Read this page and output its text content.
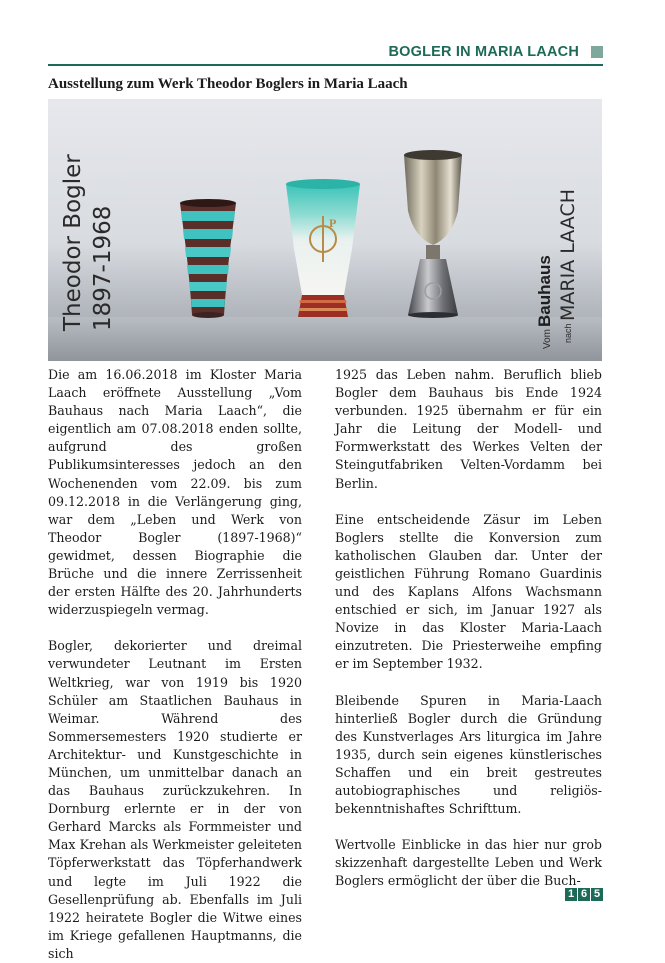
BOGLER IN MARIA LAACH
Ausstellung zum Werk Theodor Boglers in Maria Laach
P
Theodor Bogler 1897-1968
Vom
Bauhaus
nach
MARIA LAACH

Die am 16.06.2018 im Kloster Maria Laach eröffnete Ausstellung „Vom Bauhaus nach Maria Laach“, die eigentlich am 07.08.2018 enden sollte, aufgrund des großen Publikumsinteresses jedoch an den Wochenenden vom 22.09. bis zum 09.12.2018 in die Verlängerung ging, war dem „Leben und Werk von Theodor Bogler (1897-1968)“ gewidmet, dessen Biographie die Brüche und die innere Zerrissenheit der ersten Hälfte des 20. Jahrhunderts widerzuspiegeln vermag.

Bogler, dekorierter und dreimal verwundeter Leutnant im Ersten Weltkrieg, war von 1919 bis 1920 Schüler am Staatlichen Bauhaus in Weimar. Während des Sommersemesters 1920 studierte er Architektur- und Kunstgeschichte in München, um unmittelbar danach an das Bauhaus zurückzukehren. In Dornburg erlernte er in der von Gerhard Marcks als Formmeister und Max Krehan als Werkmeister geleiteten Töpferwerkstatt das Töpferhandwerk und legte im Juli 1922 die Gesellenprüfung ab. Ebenfalls im Juli 1922 heiratete Bogler die Witwe eines im Kriege gefallenen Hauptmanns, die sich

1925 das Leben nahm. Beruflich blieb Bogler dem Bauhaus bis Ende 1924 verbunden. 1925 übernahm er für ein Jahr die Leitung der Modell- und Formwerkstatt des Werkes Velten der Steingutfabriken Velten-Vordamm bei Berlin.

Eine entscheidende Zäsur im Leben Boglers stellte die Konversion zum katholischen Glauben dar. Unter der geistlichen Führung Romano Guardinis und des Kaplans Alfons Wachsmann entschied er sich, im Januar 1927 als Novize in das Kloster Maria-Laach einzutreten. Die Priesterweihe empfing er im September 1932.

Bleibende Spuren in Maria-Laach hinterließ Bogler durch die Gründung des Kunstverlages Ars liturgica im Jahre 1935, durch sein eigenes künstlerisches Schaffen und ein breit gestreutes autobiographisches und religiös-bekenntnishaftes Schrifttum.

Wertvolle Einblicke in das hier nur grob skizzenhaft dargestellte Leben und Werk Boglers ermöglicht der über die Buch-

1 6 5
